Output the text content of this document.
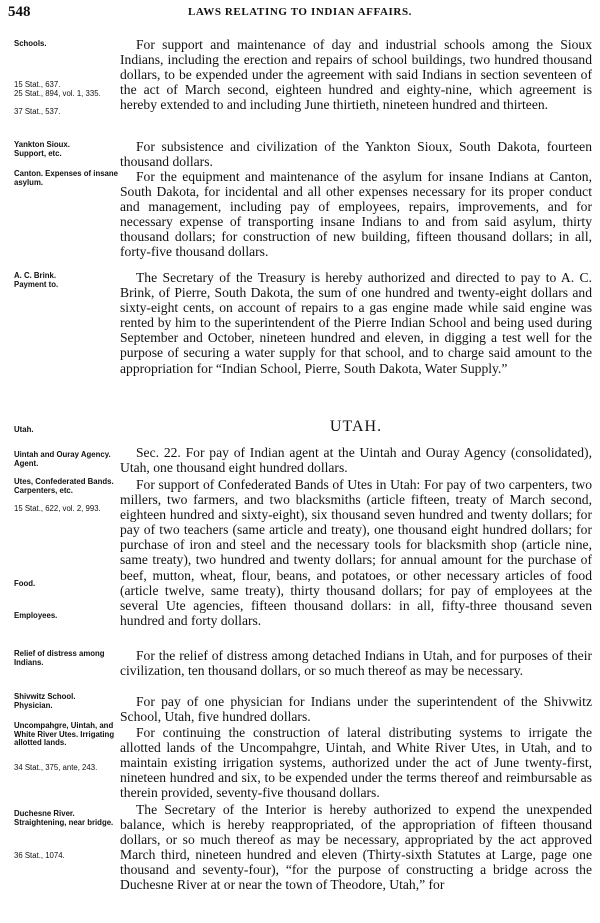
548	LAWS RELATING TO INDIAN AFFAIRS.
Schools.
15 Stat., 637.
25 Stat., 894, vol. 1, 335.
37 Stat., 537.
Yankton Sioux. Support, etc.
Canton. Expenses of insane asylum.
A. C. Brink. Payment to.
Utah.
Uintah and Ouray Agency. Agent.
Utes, Confederated Bands. Carpenters, etc.
15 Stat., 622, vol. 2, 993.
Food.
Employees.
Relief of distress among Indians.
Shivwitz School. Physician.
Uncompahgre, Uintah, and White River Utes. Irrigating allotted lands.
34 Stat., 375, ante, 243.
Duchesne River. Straightening, near bridge.
36 Stat., 1074.

For support and maintenance of day and industrial schools among the Sioux Indians, including the erection and repairs of school buildings, two hundred thousand dollars, to be expended under the agreement with said Indians in section seventeen of the act of March second, eighteen hundred and eighty-nine, which agreement is hereby extended to and including June thirtieth, nineteen hundred and thirteen.

For subsistence and civilization of the Yankton Sioux, South Dakota, fourteen thousand dollars.

For the equipment and maintenance of the asylum for insane Indians at Canton, South Dakota, for incidental and all other expenses necessary for its proper conduct and management, including pay of employees, repairs, improvements, and for necessary expense of transporting insane Indians to and from said asylum, thirty thousand dollars; for construction of new building, fifteen thousand dollars; in all, forty-five thousand dollars.

The Secretary of the Treasury is hereby authorized and directed to pay to A. C. Brink, of Pierre, South Dakota, the sum of one hundred and twenty-eight dollars and sixty-eight cents, on account of repairs to a gas engine made while said engine was rented by him to the superintendent of the Pierre Indian School and being used during September and October, nineteen hundred and eleven, in digging a test well for the purpose of securing a water supply for that school, and to charge said amount to the appropriation for “Indian School, Pierre, South Dakota, Water Supply.”

UTAH.

Sec. 22. For pay of Indian agent at the Uintah and Ouray Agency (consolidated), Utah, one thousand eight hundred dollars.

For support of Confederated Bands of Utes in Utah: For pay of two carpenters, two millers, two farmers, and two blacksmiths (article fifteen, treaty of March second, eighteen hundred and sixty-eight), six thousand seven hundred and twenty dollars; for pay of two teachers (same article and treaty), one thousand eight hundred dollars; for purchase of iron and steel and the necessary tools for blacksmith shop (article nine, same treaty), two hundred and twenty dollars; for annual amount for the purchase of beef, mutton, wheat, flour, beans, and potatoes, or other necessary articles of food (article twelve, same treaty), thirty thousand dollars; for pay of employees at the several Ute agencies, fifteen thousand dollars: in all, fifty-three thousand seven hundred and forty dollars.

For the relief of distress among detached Indians in Utah, and for purposes of their civilization, ten thousand dollars, or so much thereof as may be necessary.

For pay of one physician for Indians under the superintendent of the Shivwitz School, Utah, five hundred dollars.

For continuing the construction of lateral distributing systems to irrigate the allotted lands of the Uncompahgre, Uintah, and White River Utes, in Utah, and to maintain existing irrigation systems, authorized under the act of June twenty-first, nineteen hundred and six, to be expended under the terms thereof and reimbursable as therein provided, seventy-five thousand dollars.

The Secretary of the Interior is hereby authorized to expend the unexpended balance, which is hereby reappropriated, of the appropriation of fifteen thousand dollars, or so much thereof as may be necessary, appropriated by the act approved March third, nineteen hundred and eleven (Thirty-sixth Statutes at Large, page one thousand and seventy-four), “for the purpose of constructing a bridge across the Duchesne River at or near the town of Theodore, Utah,” for
